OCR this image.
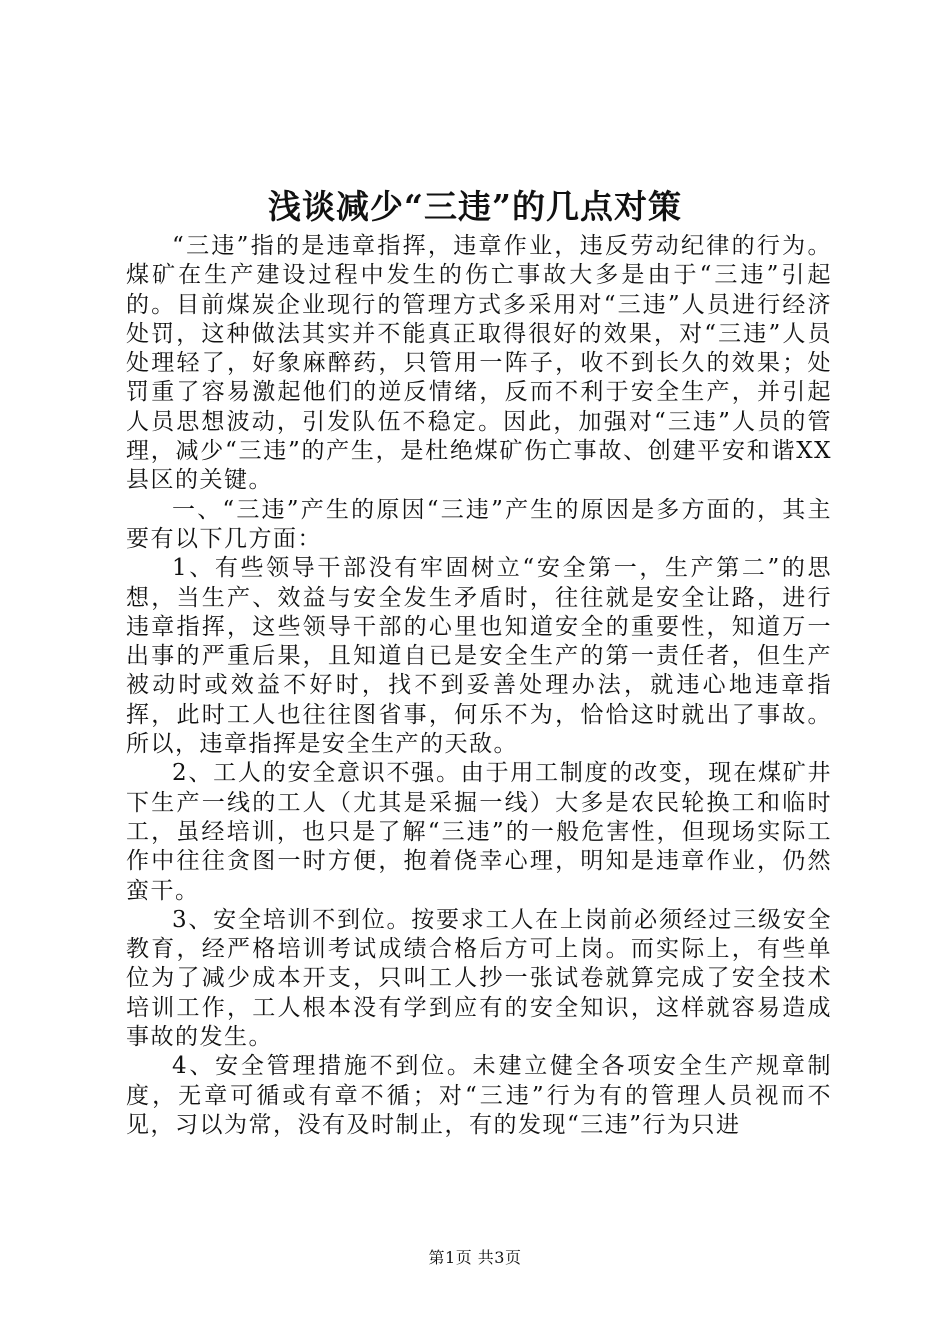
浅谈减少“三违”的几点对策

“三违”指的是违章指挥，违章作业，违反劳动纪律的行为。煤矿在生产建设过程中发生的伤亡事故大多是由于“三违”引起的。目前煤炭企业现行的管理方式多采用对“三违”人员进行经济处罚，这种做法其实并不能真正取得很好的效果，对“三违”人员处理轻了，好象麻醉药，只管用一阵子，收不到长久的效果；处罚重了容易激起他们的逆反情绪，反而不利于安全生产，并引起人员思想波动，引发队伍不稳定。因此，加强对“三违”人员的管理，减少“三违”的产生，是杜绝煤矿伤亡事故、创建平安和谐XX县区的关键。

一、“三违”产生的原因“三违”产生的原因是多方面的，其主要有以下几方面：

1、有些领导干部没有牢固树立“安全第一，生产第二”的思想，当生产、效益与安全发生矛盾时，往往就是安全让路，进行违章指挥，这些领导干部的心里也知道安全的重要性，知道万一出事的严重后果，且知道自已是安全生产的第一责任者，但生产被动时或效益不好时，找不到妥善处理办法，就违心地违章指挥，此时工人也往往图省事，何乐不为，恰恰这时就出了事故。所以，违章指挥是安全生产的天敌。

2、工人的安全意识不强。由于用工制度的改变，现在煤矿井下生产一线的工人（尤其是采掘一线）大多是农民轮换工和临时工，虽经培训，也只是了解“三违”的一般危害性，但现场实际工作中往往贪图一时方便，抱着侥幸心理，明知是违章作业，仍然蛮干。

3、安全培训不到位。按要求工人在上岗前必须经过三级安全教育，经严格培训考试成绩合格后方可上岗。而实际上，有些单位为了减少成本开支，只叫工人抄一张试卷就算完成了安全技术培训工作，工人根本没有学到应有的安全知识，这样就容易造成事故的发生。

4、安全管理措施不到位。未建立健全各项安全生产规章制度，无章可循或有章不循；对“三违”行为有的管理人员视而不见，习以为常，没有及时制止，有的发现“三违”行为只进

第1页 共3页
